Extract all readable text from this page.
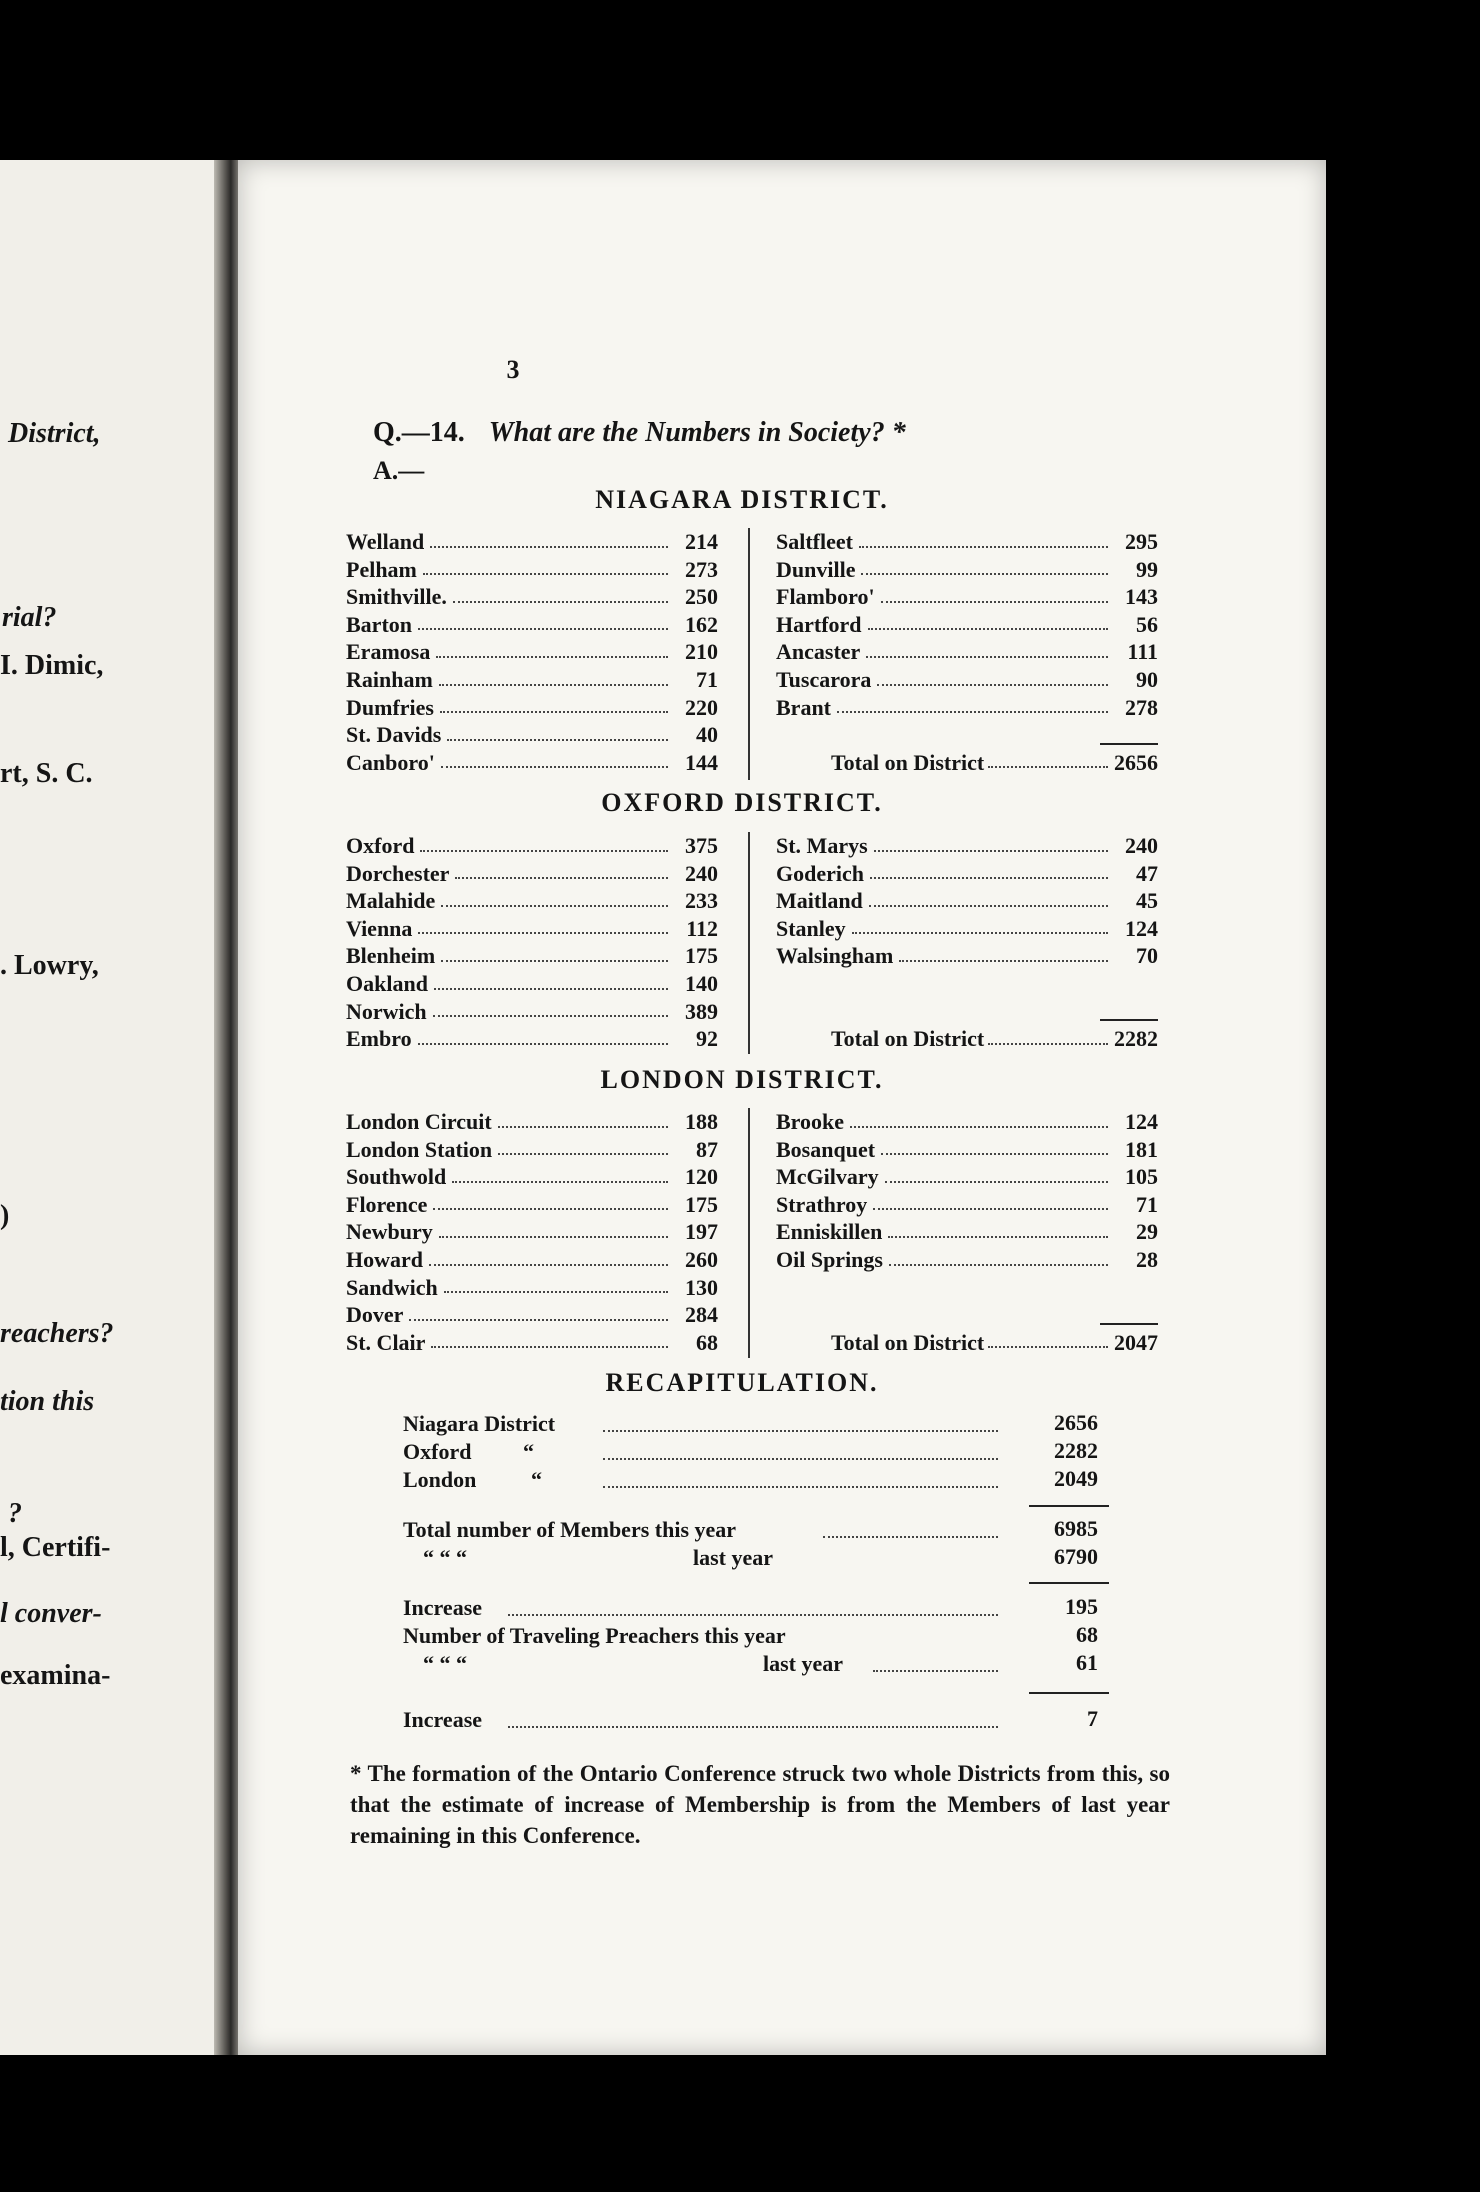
District,
rial?
I. Dimic,
rt, S. C.
. Lowry,
)
reachers?
tion this
?
l, Certifi-
l conver-
examina-
3
Q.—14. What are the Numbers in Society? *
A.—
NIAGARA DISTRICT.
Welland	214
Pelham	273
Smithville.	250
Barton	162
Eramosa	210
Rainham	71
Dumfries	220
St. Davids	40
Canboro'	144
Saltfleet	295
Dunville	99
Flamboro'	143
Hartford	56
Ancaster	111
Tuscarora	90
Brant	278
Total on District	2656
OXFORD DISTRICT.
Oxford	375
Dorchester	240
Malahide	233
Vienna	112
Blenheim	175
Oakland	140
Norwich	389
Embro	92
St. Marys	240
Goderich	47
Maitland	45
Stanley	124
Walsingham	70
Total on District	2282
LONDON DISTRICT.
London Circuit	188
London Station	87
Southwold	120
Florence	175
Newbury	197
Howard	260
Sandwich	130
Dover	284
St. Clair	68
Brooke	124
Bosanquet	181
McGilvary	105
Strathroy	71
Enniskillen	29
Oil Springs	28
Total on District	2047
RECAPITULATION.
Niagara District	2656
Oxford “	2282
London “	2049
Total number of Members this year	6985
“ “ “	last year	6790
Increase	195
Number of Traveling Preachers this year	68
“ “ “	last year	61
Increase	7
* The formation of the Ontario Conference struck two whole Districts from this, so that the estimate of increase of Membership is from the Members of last year remaining in this Conference.
